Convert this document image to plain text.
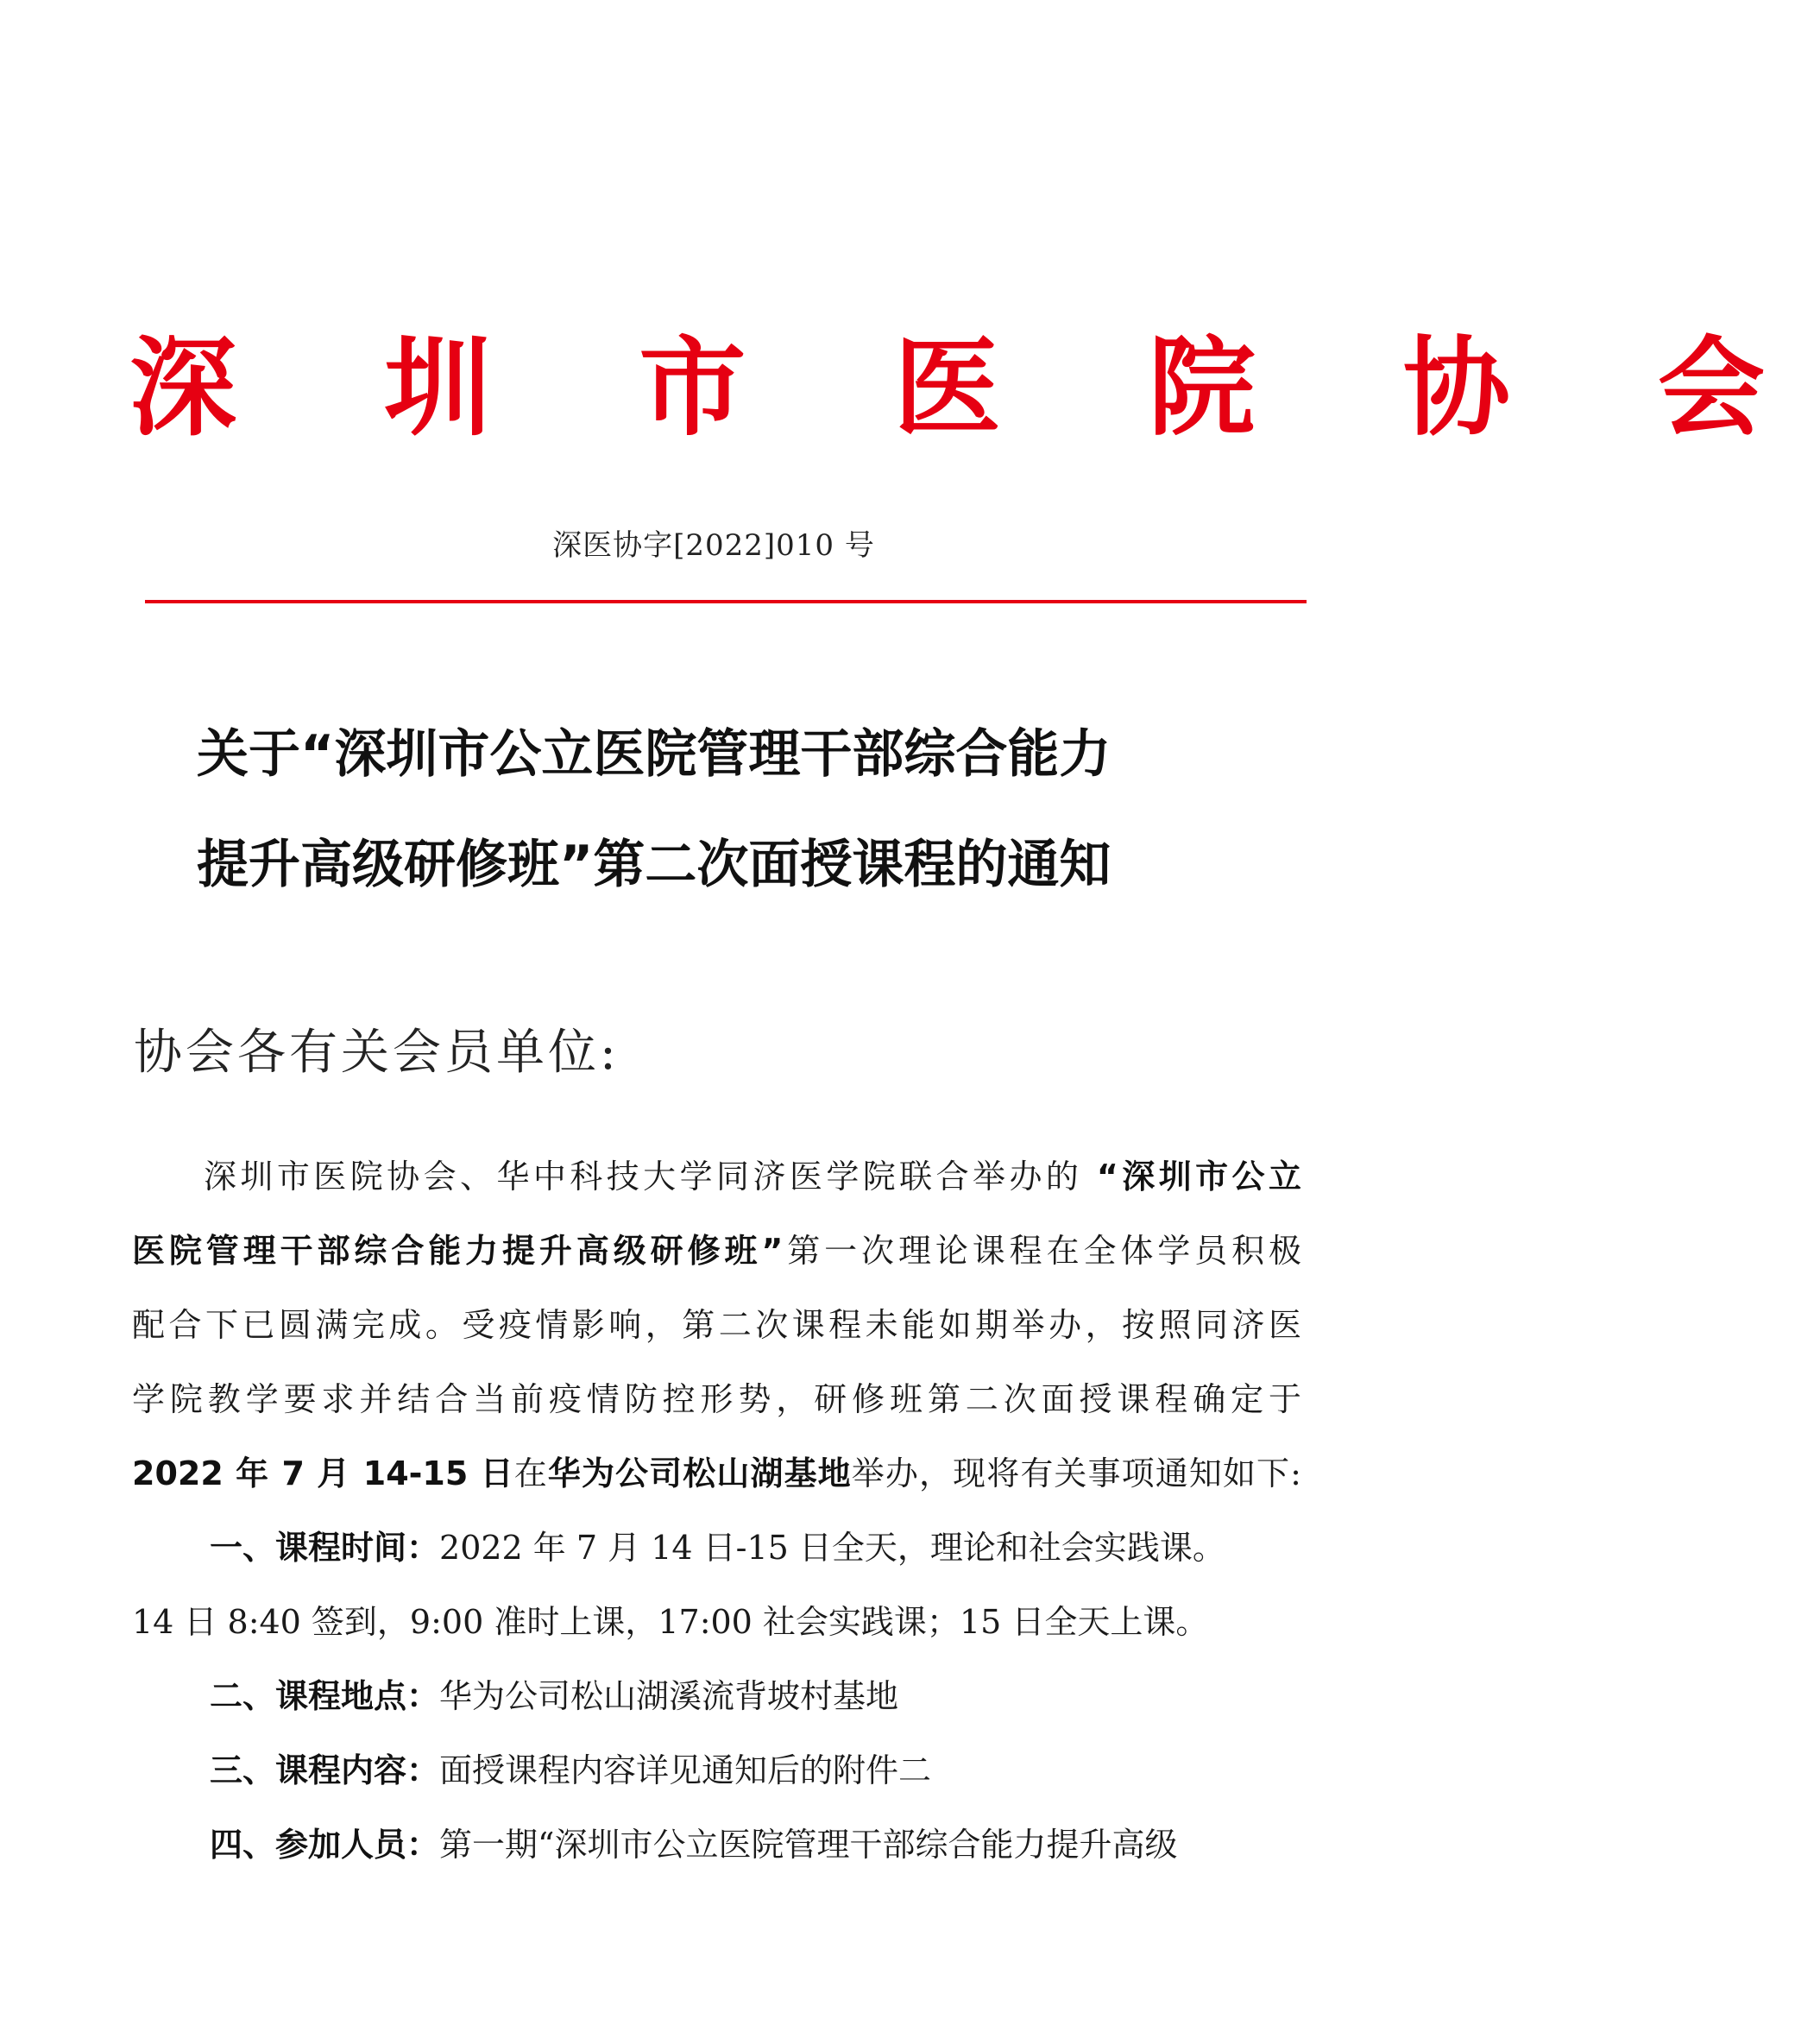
深 圳 市 医 院 协 会
深医协字[2022]010 号
关于“深圳市公立医院管理干部综合能力
提升高级研修班”第二次面授课程的通知
协会各有关会员单位:
深圳市医院协会、华中科技大学同济医学院联合举办的 “深圳市公立
医院管理干部综合能力提升高级研修班”第一次理论课程在全体学员积极
配合下已圆满完成。受疫情影响，第二次课程未能如期举办，按照同济医
学院教学要求并结合当前疫情防控形势，研修班第二次面授课程确定于
2022 年 7 月 14-15 日在华为公司松山湖基地举办，现将有关事项通知如下:
一、课程时间：2022 年 7 月 14 日-15 日全天，理论和社会实践课。
14 日 8:40 签到，9:00 准时上课，17:00 社会实践课；15 日全天上课。
二、课程地点：华为公司松山湖溪流背坡村基地
三、课程内容：面授课程内容详见通知后的附件二
四、参加人员：第一期“深圳市公立医院管理干部综合能力提升高级
